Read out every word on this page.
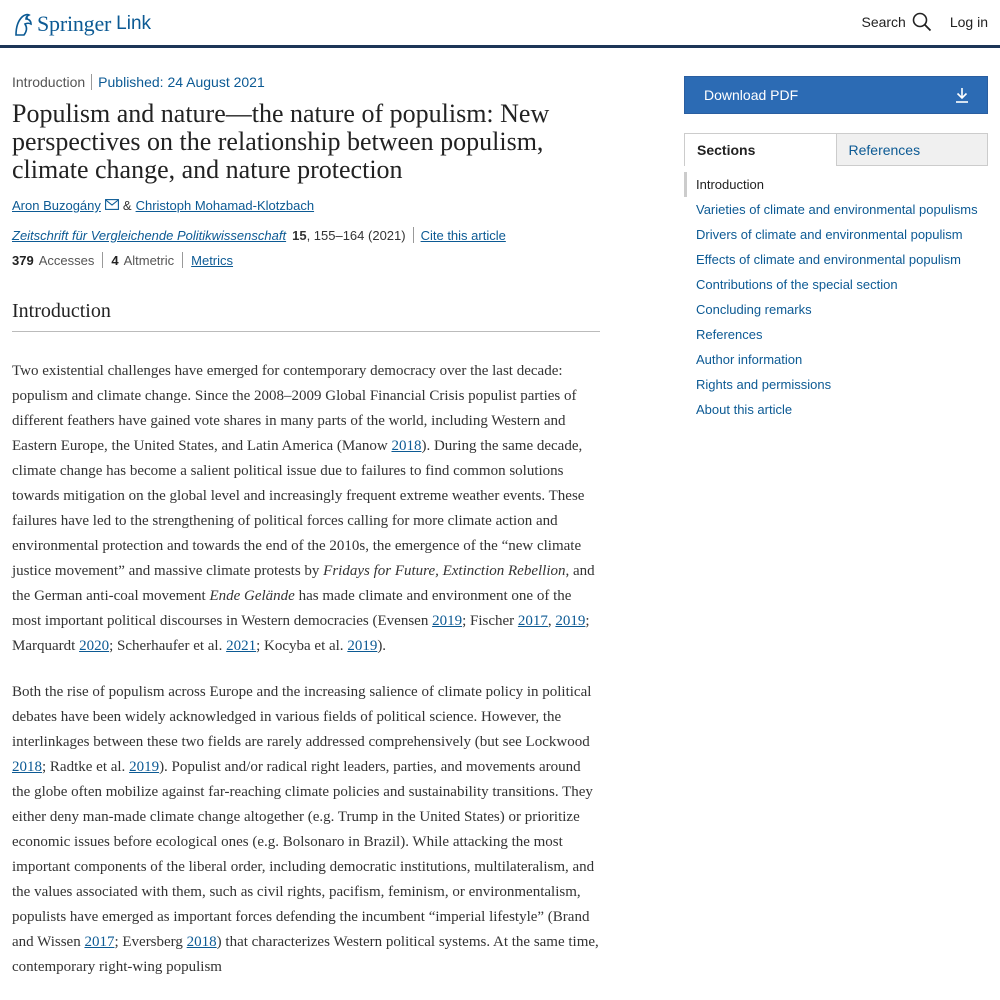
Springer Link	Search	Log in
Introduction Published: 24 August 2021
Populism and nature—the nature of populism: New perspectives on the relationship between populism, climate change, and nature protection
Aron Buzogány & Christoph Mohamad-Klotzbach
Zeitschrift für Vergleichende Politikwissenschaft 15 , 155–164 (2021) Cite this article
379 Accesses 4 Altmetric Metrics
Introduction

Two existential challenges have emerged for contemporary democracy over the last decade: populism and climate change. Since the 2008–2009 Global Financial Crisis populist parties of different feathers have gained vote shares in many parts of the world, including Western and Eastern Europe, the United States, and Latin America (Manow 2018). During the same decade, climate change has become a salient political issue due to failures to find common solutions towards mitigation on the global level and increasingly frequent extreme weather events. These failures have led to the strengthening of political forces calling for more climate action and environmental protection and towards the end of the 2010s, the emergence of the “new climate justice movement” and massive climate protests by Fridays for Future, Extinction Rebellion, and the German anti-coal movement Ende Gelände has made climate and environment one of the most important political discourses in Western democracies (Evensen 2019; Fischer 2017, 2019; Marquardt 2020; Scherhaufer et al. 2021; Kocyba et al. 2019).

Both the rise of populism across Europe and the increasing salience of climate policy in political debates have been widely acknowledged in various fields of political science. However, the interlinkages between these two fields are rarely addressed comprehensively (but see Lockwood 2018; Radtke et al. 2019). Populist and/or radical right leaders, parties, and movements around the globe often mobilize against far-reaching climate policies and sustainability transitions. They either deny man-made climate change altogether (e.g. Trump in the United States) or prioritize economic issues before ecological ones (e.g. Bolsonaro in Brazil). While attacking the most important components of the liberal order, including democratic institutions, multilateralism, and the values associated with them, such as civil rights, pacifism, feminism, or environmentalism, populists have emerged as important forces defending the incumbent “imperial lifestyle” (Brand and Wissen 2017; Eversberg 2018) that characterizes Western political systems. At the same time, contemporary right-wing populism

Download PDF
Sections	References
Introduction
Varieties of climate and environmental populisms
Drivers of climate and environmental populism
Effects of climate and environmental populism
Contributions of the special section
Concluding remarks
References
Author information
Rights and permissions
About this article
